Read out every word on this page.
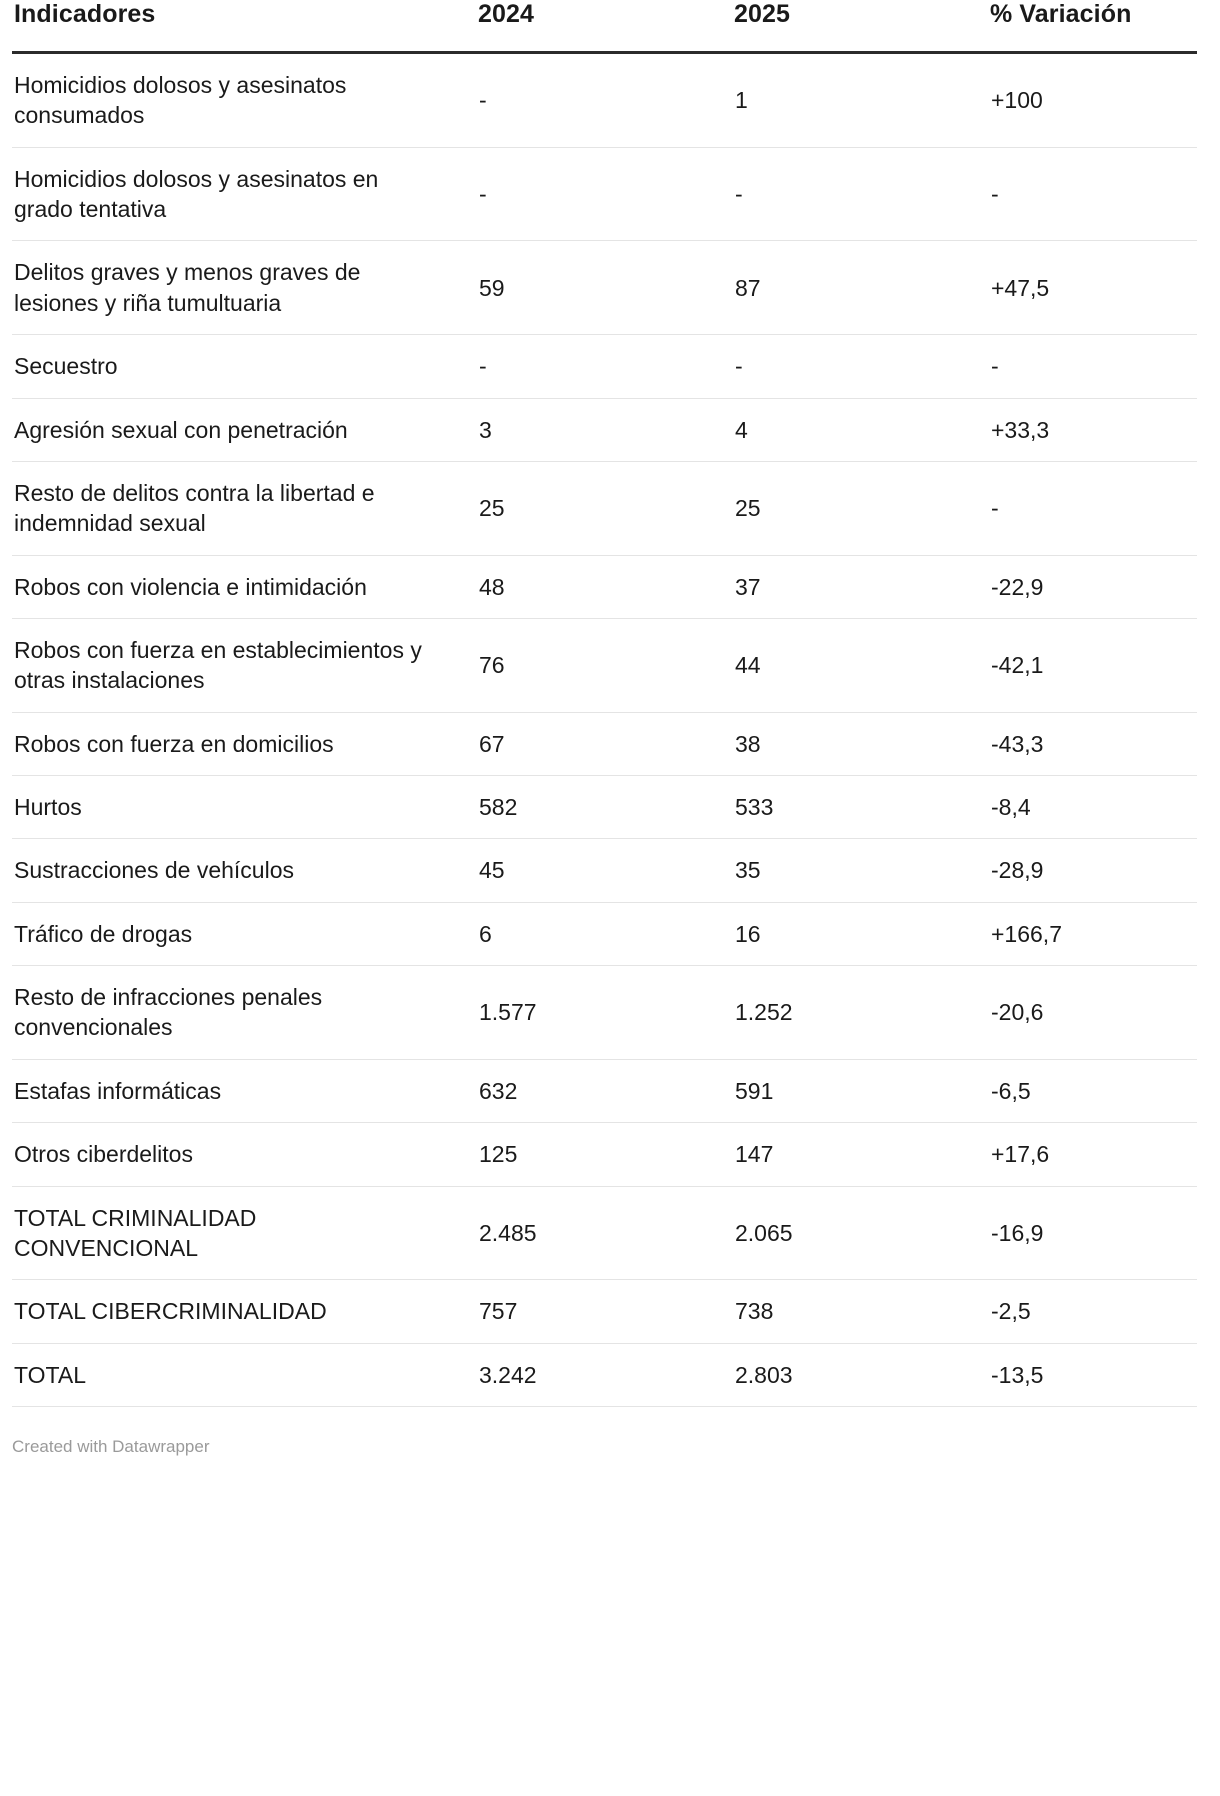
Indicadores	2024	2025	% Variación
Homicidios dolosos y asesinatos consumados	-	1	+100
Homicidios dolosos y asesinatos en grado tentativa	-	-	-
Delitos graves y menos graves de lesiones y riña tumultuaria	59	87	+47,5
Secuestro	-	-	-
Agresión sexual con penetración	3	4	+33,3
Resto de delitos contra la libertad e indemnidad sexual	25	25	-
Robos con violencia e intimidación	48	37	-22,9
Robos con fuerza en establecimientos y otras instalaciones	76	44	-42,1
Robos con fuerza en domicilios	67	38	-43,3
Hurtos	582	533	-8,4
Sustracciones de vehículos	45	35	-28,9
Tráfico de drogas	6	16	+166,7
Resto de infracciones penales convencionales	1.577	1.252	-20,6
Estafas informáticas	632	591	-6,5
Otros ciberdelitos	125	147	+17,6
TOTAL CRIMINALIDAD CONVENCIONAL	2.485	2.065	-16,9
TOTAL CIBERCRIMINALIDAD	757	738	-2,5
TOTAL	3.242	2.803	-13,5
Created with Datawrapper
